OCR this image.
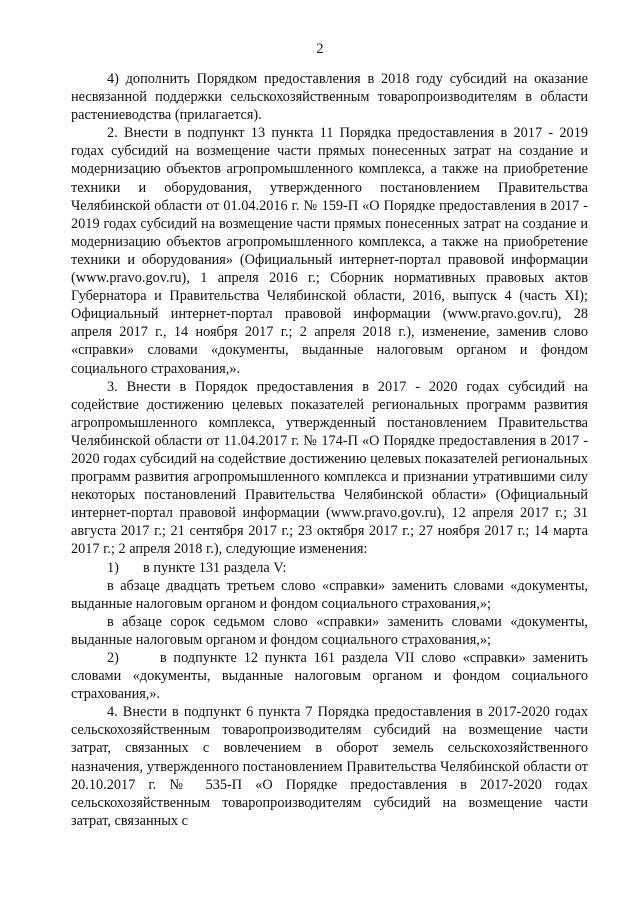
2

4) дополнить Порядком предоставления в 2018 году субсидий на оказание несвязанной поддержки сельскохозяйственным товаропроизводителям в области растениеводства (прилагается).

2. Внести в подпункт 13 пункта 11 Порядка предоставления в 2017 - 2019 годах субсидий на возмещение части прямых понесенных затрат на создание и модернизацию объектов агропромышленного комплекса, а также на приобретение техники и оборудования, утвержденного постановлением Правительства Челябинской области от 01.04.2016 г. № 159-П «О Порядке предоставления в 2017 - 2019 годах субсидий на возмещение части прямых понесенных затрат на создание и модернизацию объектов агропромышленного комплекса, а также на приобретение техники и оборудования» (Официальный интернет-портал правовой информации (www.pravo.gov.ru), 1 апреля 2016 г.; Сборник нормативных правовых актов Губернатора и Правительства Челябинской области, 2016, выпуск 4 (часть XI); Официальный интернет-портал правовой информации (www.pravo.gov.ru), 28 апреля 2017 г., 14 ноября 2017 г.; 2 апреля 2018 г.), изменение, заменив слово «справки» словами «документы, выданные налоговым органом и фондом социального страхования,».

3. Внести в Порядок предоставления в 2017 - 2020 годах субсидий на содействие достижению целевых показателей региональных программ развития агропромышленного комплекса, утвержденный постановлением Правительства Челябинской области от 11.04.2017 г. № 174-П «О Порядке предоставления в 2017 - 2020 годах субсидий на содействие достижению целевых показателей региональных программ развития агропромышленного комплекса и признании утратившими силу некоторых постановлений Правительства Челябинской области» (Официальный интернет-портал правовой информации (www.pravo.gov.ru), 12 апреля 2017 г.; 31 августа 2017 г.; 21 сентября 2017 г.; 23 октября 2017 г.; 27 ноября 2017 г.; 14 марта 2017 г.; 2 апреля 2018 г.), следующие изменения:

1) в пункте 131 раздела V:

в абзаце двадцать третьем слово «справки» заменить словами «документы, выданные налоговым органом и фондом социального страхования,»;

в абзаце сорок седьмом слово «справки» заменить словами «документы, выданные налоговым органом и фондом социального страхования,»;

2)	в подпункте 12 пункта 161 раздела VII слово «справки» заменить словами «документы, выданные налоговым органом и фондом социального страхования,».

4. Внести в подпункт 6 пункта 7 Порядка предоставления в 2017-2020 годах сельскохозяйственным товаропроизводителям субсидий на возмещение части затрат, связанных с вовлечением в оборот земель сельскохозяйственного назначения, утвержденного постановлением Правительства Челябинской области от 20.10.2017 г. № 535-П «О Порядке предоставления в 2017-2020 годах сельскохозяйственным товаропроизводителям субсидий на возмещение части затрат, связанных с
